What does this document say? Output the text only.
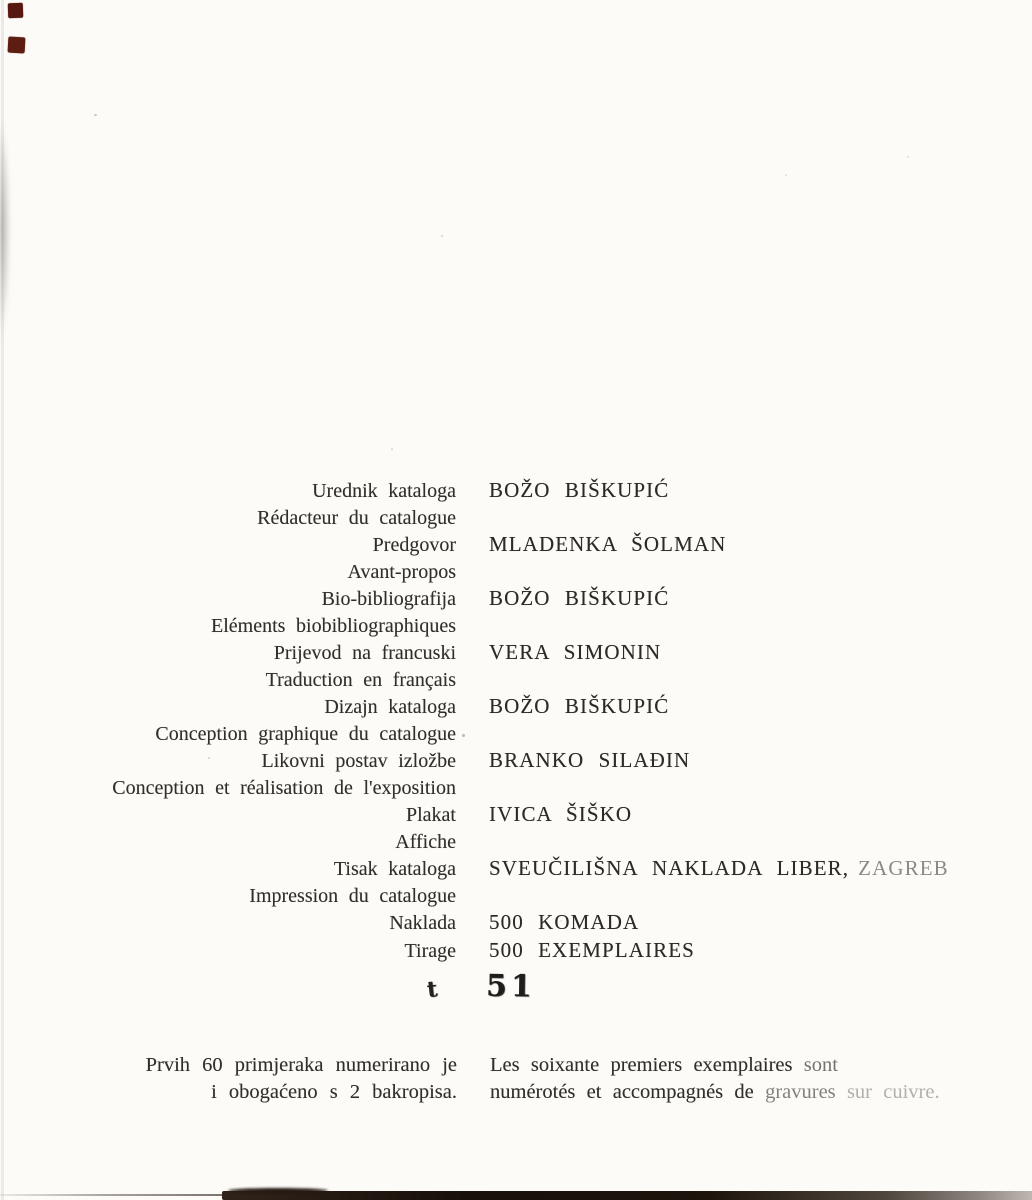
Urednik kataloga BOŽO BIŠKUPIĆ
Rédacteur du catalogue
Predgovor MLADENKA ŠOLMAN
Avant-propos
Bio-bibliografija BOŽO BIŠKUPIĆ
Eléments biobibliographiques
Prijevod na francuski VERA SIMONIN
Traduction en français
Dizajn kataloga BOŽO BIŠKUPIĆ
Conception graphique du catalogue
Likovni postav izložbe BRANKO SILAĐIN
Conception et réalisation de l'exposition
Plakat IVICA ŠIŠKO
Affiche
Tisak kataloga SVEUČILIŠNA NAKLADA LIBER, ZAGREB
Impression du catalogue
Naklada 500 KOMADA
Tirage 500 EXEMPLAIRES
t	51
Prvih 60 primjeraka numerirano je
i obogaćeno s 2 bakropisa.
Les soixante premiers exemplaires sont
numérotés et accompagnés de gravures sur cuivre.
